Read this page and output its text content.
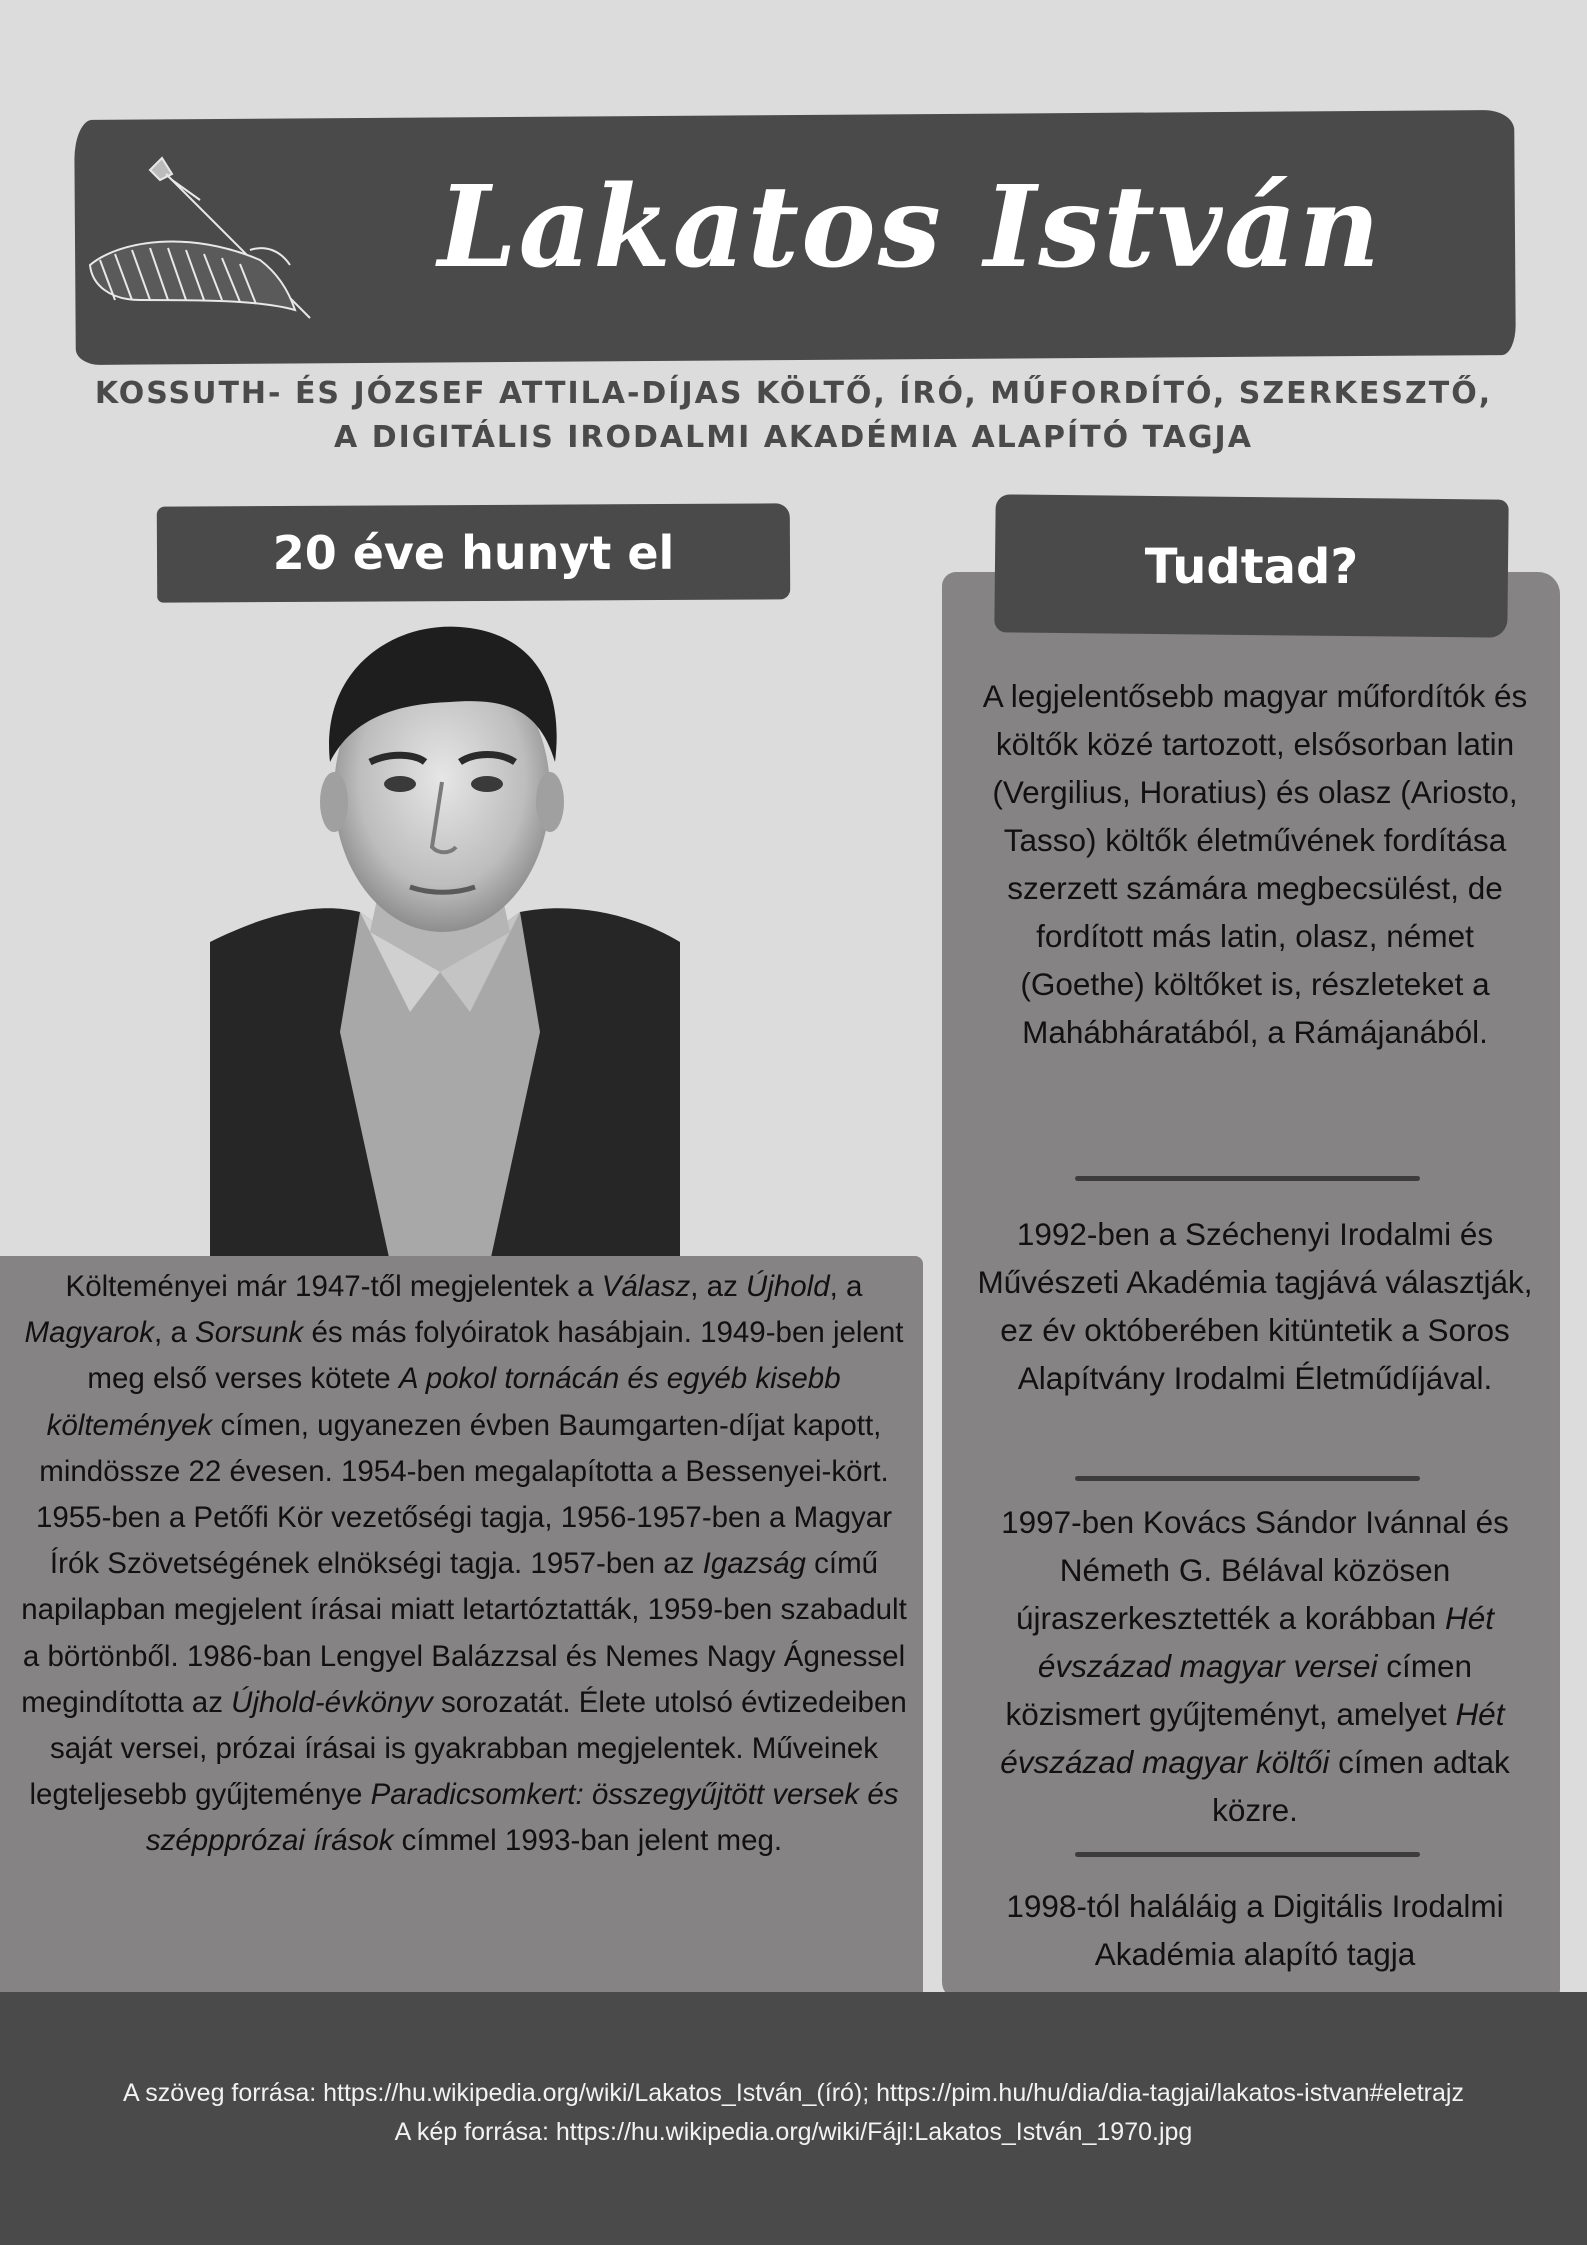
Lakatos István
KOSSUTH- ÉS JÓZSEF ATTILA-DÍJAS KÖLTŐ, ÍRÓ, MŰFORDÍTÓ, SZERKESZTŐ,
A DIGITÁLIS IRODALMI AKADÉMIA ALAPÍTÓ TAGJA
20 éve hunyt el
Költeményei már 1947-től megjelentek a Válasz, az Újhold, a Magyarok, a Sorsunk és más folyóiratok hasábjain. 1949-ben jelent meg első verses kötete A pokol tornácán és egyéb kisebb költemények címen, ugyanezen évben Baumgarten-díjat kapott, mindössze 22 évesen. 1954-ben megalapította a Bessenyei-kört. 1955-ben a Petőfi Kör vezetőségi tagja, 1956-1957-ben a Magyar Írók Szövetségének elnökségi tagja. 1957-ben az Igazság című napilapban megjelent írásai miatt letartóztatták, 1959-ben szabadult a börtönből. 1986-ban Lengyel Balázzsal és Nemes Nagy Ágnessel megindította az Újhold-évkönyv sorozatát. Élete utolsó évtizedeiben saját versei, prózai írásai is gyakrabban megjelentek. Műveinek legteljesebb gyűjteménye Paradicsomkert: összegyűjtött versek és széppprózai írások címmel 1993-ban jelent meg.
Tudtad?
A legjelentősebb magyar műfordítók és költők közé tartozott, elsősorban latin (Vergilius, Horatius) és olasz (Ariosto, Tasso) költők életművének fordítása szerzett számára megbecsülést, de fordított más latin, olasz, német (Goethe) költőket is, részleteket a Mahábháratából, a Rámájanából.
1992-ben a Széchenyi Irodalmi és Művészeti Akadémia tagjává választják, ez év októberében kitüntetik a Soros Alapítvány Irodalmi Életműdíjával.
1997-ben Kovács Sándor Ivánnal és Németh G. Bélával közösen újraszerkesztették a korábban Hét évszázad magyar versei címen közismert gyűjteményt, amelyet Hét évszázad magyar költői címen adtak közre.
1998-tól haláláig a Digitális Irodalmi Akadémia alapító tagja
A szöveg forrása: https://hu.wikipedia.org/wiki/Lakatos_István_(író); https://pim.hu/hu/dia/dia-tagjai/lakatos-istvan#eletrajz
A kép forrása: https://hu.wikipedia.org/wiki/Fájl:Lakatos_István_1970.jpg
